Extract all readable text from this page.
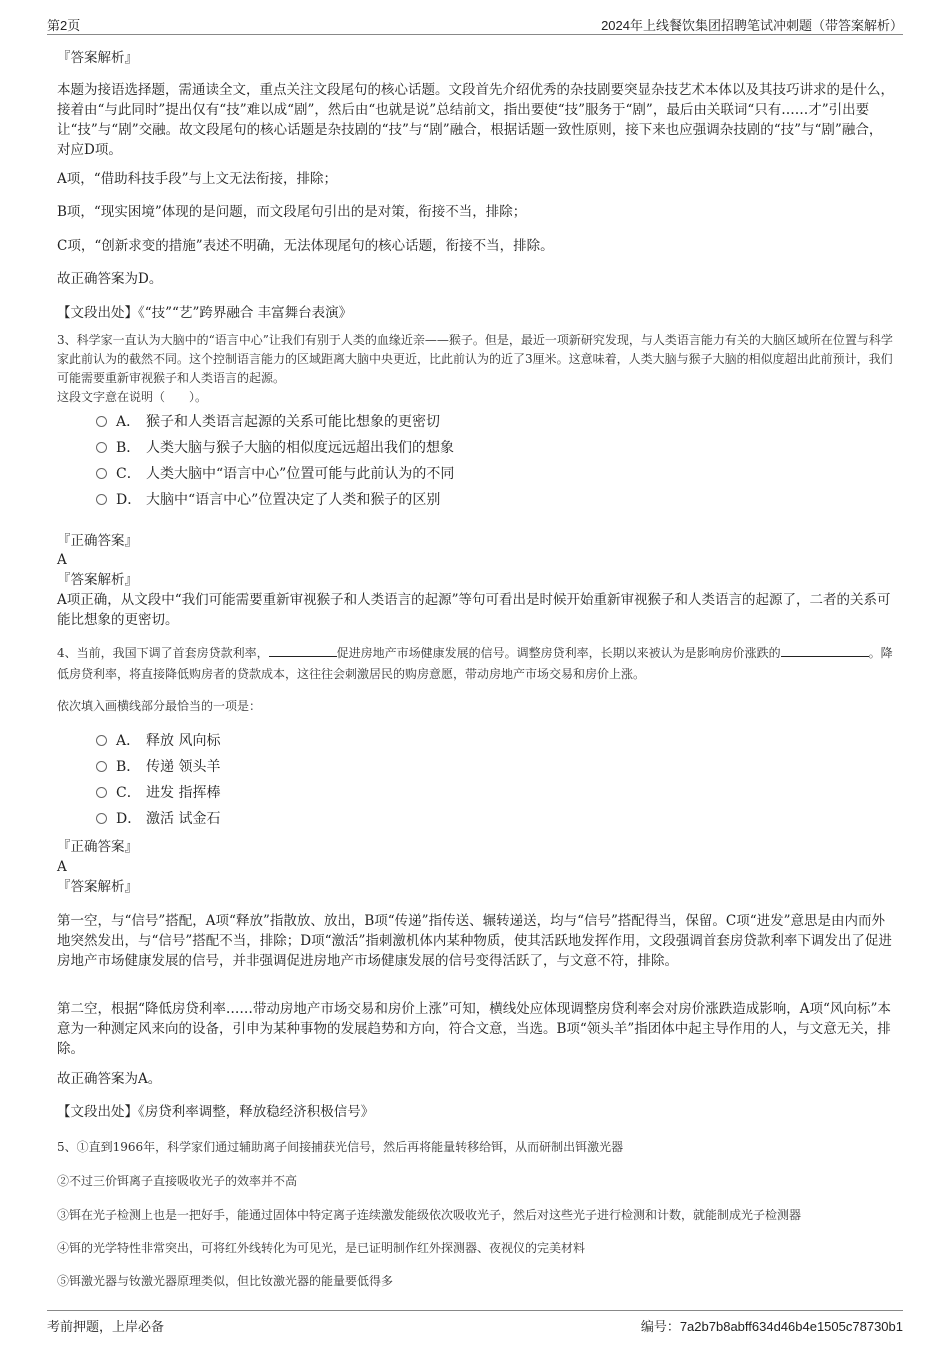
第2页	2024年上线餐饮集团招聘笔试冲刺题（带答案解析）
『答案解析』
本题为接语选择题，需通读全文，重点关注文段尾句的核心话题。文段首先介绍优秀的杂技剧要突显杂技艺术本体以及其技巧讲求的是什么，接着由“与此同时”提出仅有“技”难以成“剧”，然后由“也就是说”总结前文，指出要使“技”服务于“剧”，最后由关联词“只有……才”引出要让“技”与“剧”交融。故文段尾句的核心话题是杂技剧的“技”与“剧”融合，根据话题一致性原则，接下来也应强调杂技剧的“技”与“剧”融合，对应D项。
A项，“借助科技手段”与上文无法衔接，排除；
B项，“现实困境”体现的是问题，而文段尾句引出的是对策，衔接不当，排除；
C项，“创新求变的措施”表述不明确，无法体现尾句的核心话题，衔接不当，排除。
故正确答案为D。
【文段出处】《“技”“艺”跨界融合 丰富舞台表演》
3、科学家一直认为大脑中的“语言中心”让我们有别于人类的血缘近亲——猴子。但是，最近一项新研究发现，与人类语言能力有关的大脑区域所在位置与科学家此前认为的截然不同。这个控制语言能力的区域距离大脑中央更近，比此前认为的近了3厘米。这意味着，人类大脑与猴子大脑的相似度超出此前预计，我们可能需要重新审视猴子和人类语言的起源。
这段文字意在说明（　　）。
A． 猴子和人类语言起源的关系可能比想象的更密切
B． 人类大脑与猴子大脑的相似度远远超出我们的想象
C． 人类大脑中“语言中心”位置可能与此前认为的不同
D． 大脑中“语言中心”位置决定了人类和猴子的区别
『正确答案』
A
『答案解析』
A项正确，从文段中“我们可能需要重新审视猴子和人类语言的起源”等句可看出是时候开始重新审视猴子和人类语言的起源了，二者的关系可能比想象的更密切。
4、当前，我国下调了首套房贷款利率，	促进房地产市场健康发展的信号。调整房贷利率，长期以来被认为是影响房价涨跌的	。降低房贷利率，将直接降低购房者的贷款成本，这往往会刺激居民的购房意愿，带动房地产市场交易和房价上涨。
依次填入画横线部分最恰当的一项是：
A． 释放 风向标
B． 传递 领头羊
C． 进发 指挥棒
D． 激活 试金石
『正确答案』
A
『答案解析』
第一空，与“信号”搭配，A项“释放”指散放、放出，B项“传递”指传送、辗转递送，均与“信号”搭配得当，保留。C项“进发”意思是由内而外地突然发出，与“信号”搭配不当，排除；D项“激活”指刺激机体内某种物质，使其活跃地发挥作用，文段强调首套房贷款利率下调发出了促进房地产市场健康发展的信号，并非强调促进房地产市场健康发展的信号变得活跃了，与文意不符，排除。
第二空，根据“降低房贷利率……带动房地产市场交易和房价上涨”可知，横线处应体现调整房贷利率会对房价涨跌造成影响，A项“风向标”本意为一种测定风来向的设备，引申为某种事物的发展趋势和方向，符合文意，当选。B项“领头羊”指团体中起主导作用的人，与文意无关，排除。
故正确答案为A。
【文段出处】《房贷利率调整，释放稳经济积极信号》
5、①直到1966年，科学家们通过辅助离子间接捕获光信号，然后再将能量转移给铒，从而研制出铒激光器
②不过三价铒离子直接吸收光子的效率并不高
③铒在光子检测上也是一把好手，能通过固体中特定离子连续激发能级依次吸收光子，然后对这些光子进行检测和计数，就能制成光子检测器
④铒的光学特性非常突出，可将红外线转化为可见光，是已证明制作红外探测器、夜视仪的完美材料
⑤铒激光器与钕激光器原理类似，但比钕激光器的能量要低得多
考前押题，上岸必备	编号：7a2b7b8abff634d46b4e1505c78730b1
